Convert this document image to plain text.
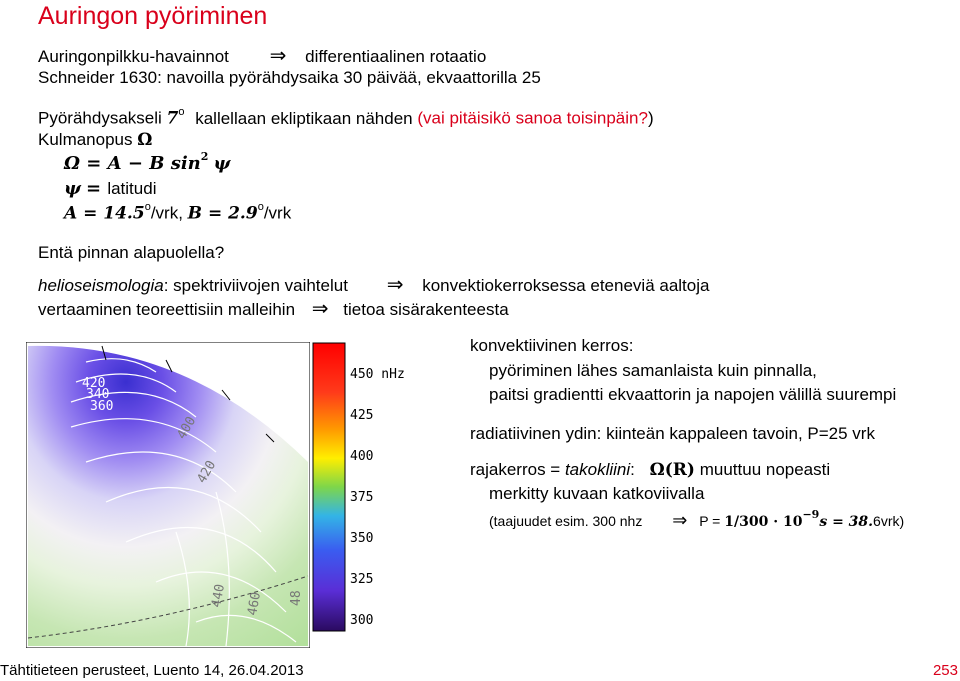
Auringon pyöriminen
Auringonpilkku-havainnot ⇒ differentiaalinen rotaatio
Schneider 1630: navoilla pyörähdysaika 30 päivää, ekvaattorilla 25
Pyörähdysakseli 7$^o$ kallellaan ekliptikaan nähden (vai pitäisikö sanoa toisinpäin?)
Kulmanopus Ω
Ω = A − B $\sin^2 \psi$
ψ = latitudi
$A = 14.5^o$/vrk, $B = 2.9^o$/vrk
Entä pinnan alapuolella?
helioseismologia: spektriviivojen vaihtelut ⇒ konvektiokerroksessa eteneviä aaltoja
vertaaminen teoreettisiin malleihin ⇒ tietoa sisärakenteesta
420
340
360
400
420
440 460 48
450 nHz
425
400
375
350
325
300
konvektiivinen kerros:
pyöriminen lähes samanlaista kuin pinnalla,
paitsi gradientti ekvaattorin ja napojen välillä suurempi
radiatiivinen ydin: kiinteän kappaleen tavoin, P=25 vrk
rajakerros = takokliini: Ω(R) muuttuu nopeasti
merkitty kuvaan katkoviivalla
(taajuudet esim. 300 nhz ⇒ $P = 1/300 \cdot 10^{-9}s = 38.6vrk$)
Tähtitieteen perusteet, Luento 14, 26.04.2013	253
